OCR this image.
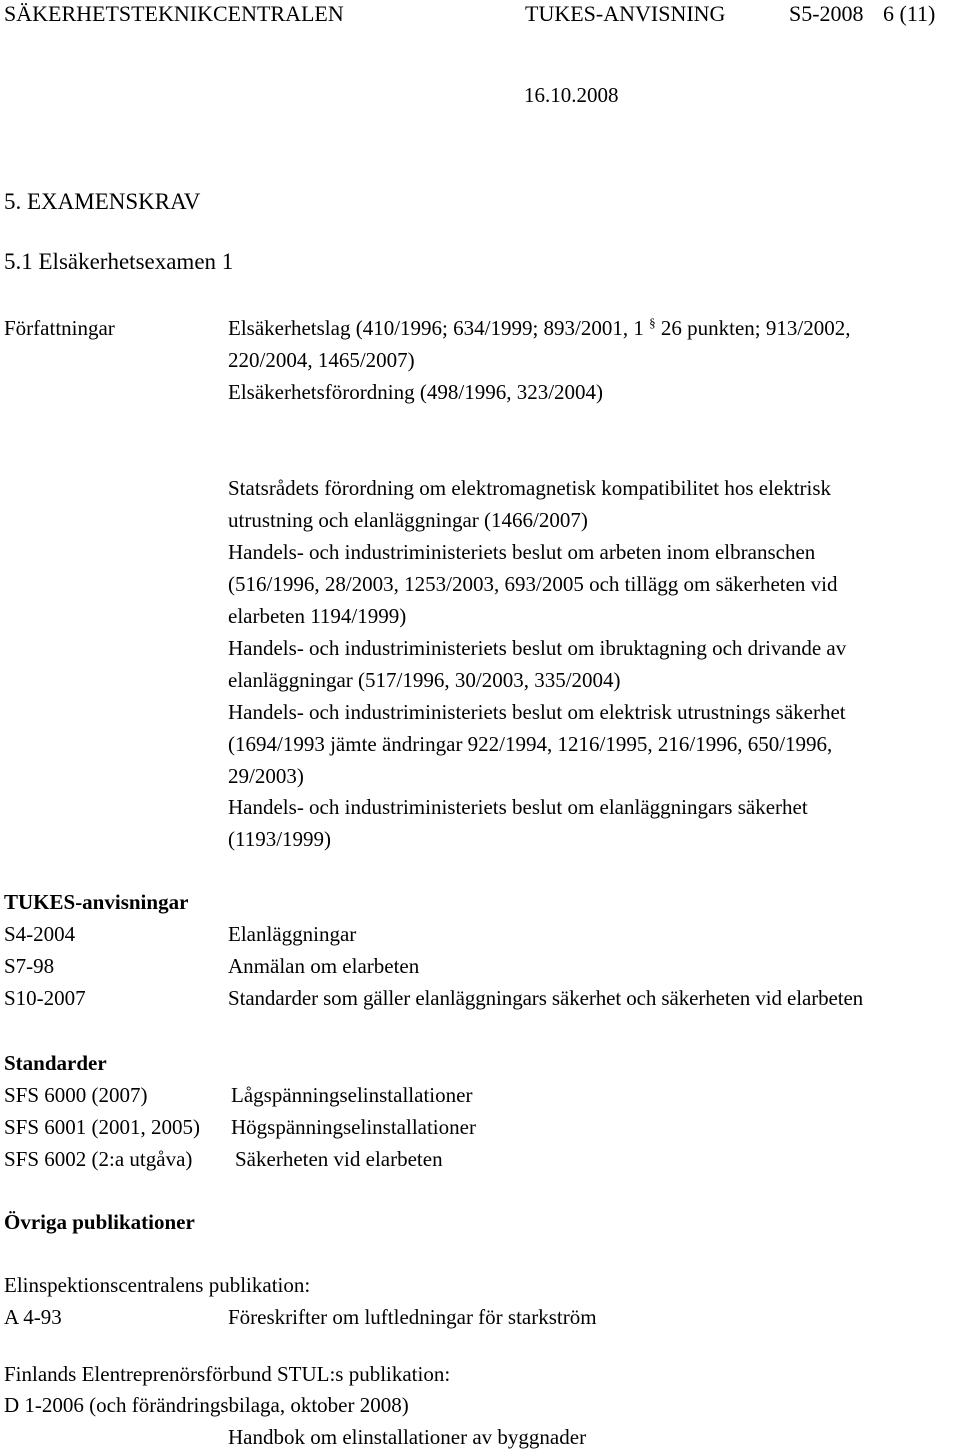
SÄKERHETSTEKNIKCENTRALEN	TUKES-ANVISNING	S5-2008 6 (11)
16.10.2008
5. EXAMENSKRAV
5.1 Elsäkerhetsexamen 1
Författningar	Elsäkerhetslag (410/1996; 634/1999; 893/2001, 1 § 26 punkten; 913/2002,
220/2004, 1465/2007)
Elsäkerhetsförordning (498/1996, 323/2004)
Statsrådets förordning om elektromagnetisk kompatibilitet hos elektrisk
utrustning och elanläggningar (1466/2007)
Handels- och industriministeriets beslut om arbeten inom elbranschen
(516/1996, 28/2003, 1253/2003, 693/2005 och tillägg om säkerheten vid
elarbeten 1194/1999)
Handels- och industriministeriets beslut om ibruktagning och drivande av
elanläggningar (517/1996, 30/2003, 335/2004)
Handels- och industriministeriets beslut om elektrisk utrustnings säkerhet
(1694/1993 jämte ändringar 922/1994, 1216/1995, 216/1996, 650/1996,
29/2003)
Handels- och industriministeriets beslut om elanläggningars säkerhet
(1193/1999)
TUKES-anvisningar
S4-2004	Elanläggningar
S7-98	Anmälan om elarbeten
S10-2007	Standarder som gäller elanläggningars säkerhet och säkerheten vid elarbeten
Standarder
SFS 6000 (2007)	Lågspänningselinstallationer
SFS 6001 (2001, 2005) Högspänningselinstallationer
SFS 6002 (2:a utgåva) Säkerheten vid elarbeten
Övriga publikationer
Elinspektionscentralens publikation:
A 4-93	Föreskrifter om luftledningar för starkström
Finlands Elentreprenörsförbund STUL:s publikation:
D 1-2006 (och förändringsbilaga, oktober 2008)
Handbok om elinstallationer av byggnader
